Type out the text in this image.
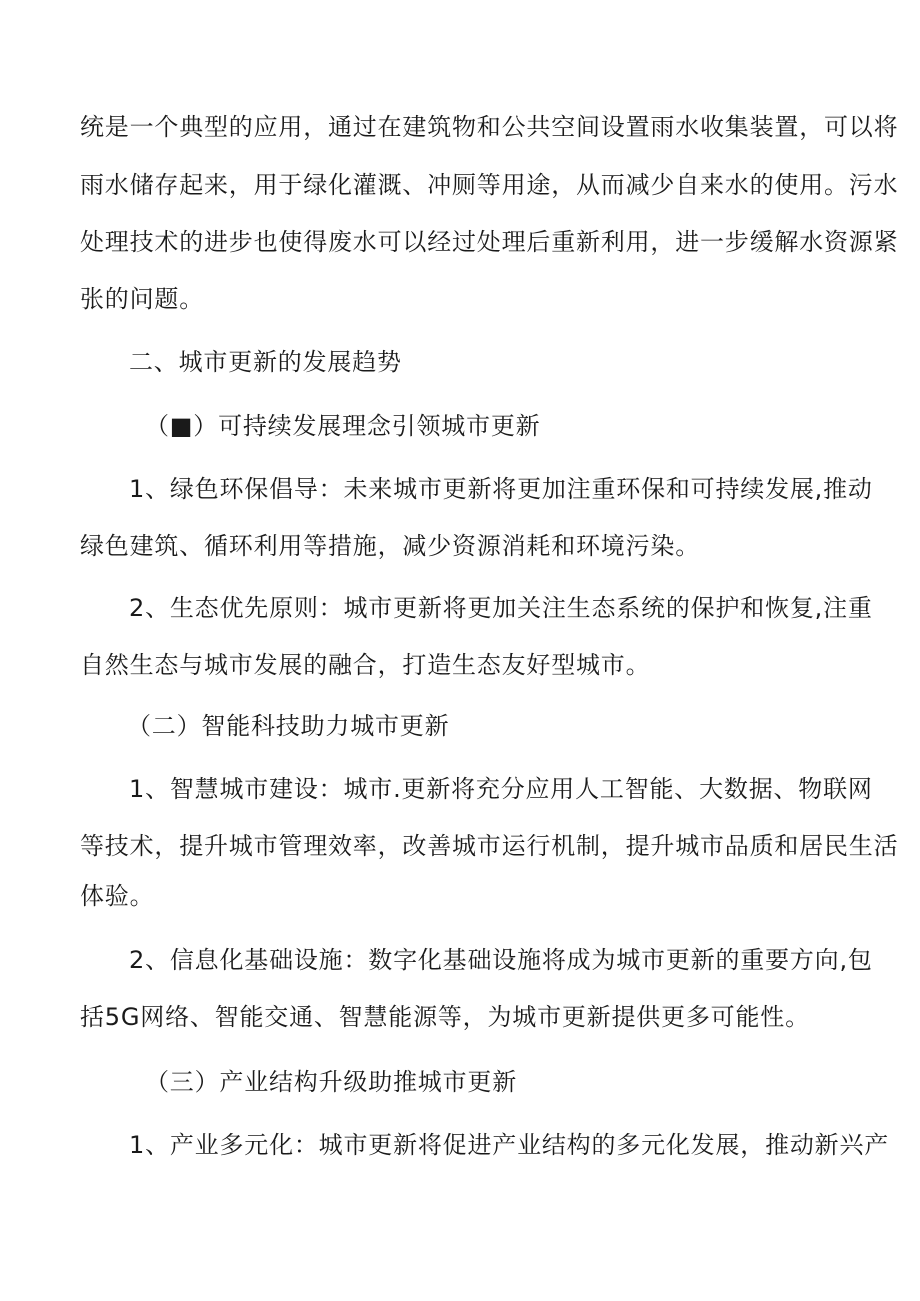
统是一个典型的应用，通过在建筑物和公共空间设置雨水收集装置，可以将
雨水储存起来，用于绿化灌溉、冲厕等用途，从而减少自来水的使用。污水
处理技术的进步也使得废水可以经过处理后重新利用，进一步缓解水资源紧
张的问题。
二、城市更新的发展趋势
（■）可持续发展理念引领城市更新
1、绿色环保倡导：未来城市更新将更加注重环保和可持续发展,推动
绿色建筑、循环利用等措施，减少资源消耗和环境污染。
2、生态优先原则：城市更新将更加关注生态系统的保护和恢复,注重
自然生态与城市发展的融合，打造生态友好型城市。
（二）智能科技助力城市更新
1、智慧城市建设：城市.更新将充分应用人工智能、大数据、物联网
等技术，提升城市管理效率，改善城市运行机制，提升城市品质和居民生活
体验。
2、信息化基础设施：数字化基础设施将成为城市更新的重要方向,包
括5G网络、智能交通、智慧能源等，为城市更新提供更多可能性。
（三）产业结构升级助推城市更新
1、产业多元化：城市更新将促进产业结构的多元化发展，推动新兴产
